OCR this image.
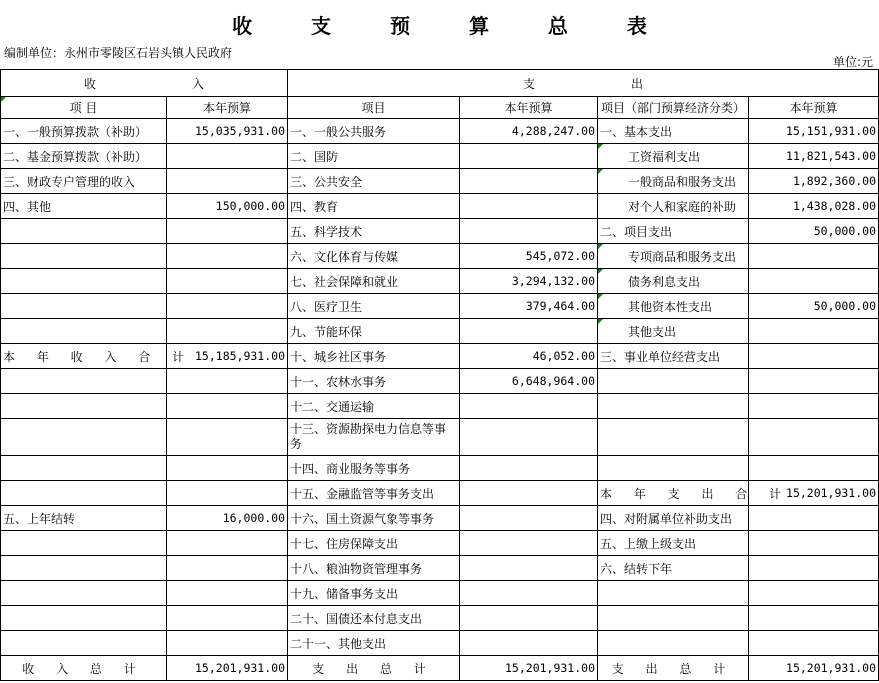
收 支 预 算 总 表
编制单位：永州市零陵区石岩头镇人民政府
单位:元
收　　　　　　　　入		支　　　　　　　　出			
项 目	本年预算	项目	本年预算	项目（部门预算经济分类）	本年预算
一、一般预算拨款（补助）	15,035,931.00	一、一般公共服务	4,288,247.00	一、基本支出	15,151,931.00
二、基金预算拨款（补助）		二、国防		工资福利支出	11,821,543.00
三、财政专户管理的收入		三、公共安全		一般商品和服务支出	1,892,360.00
四、其他	150,000.00	四、教育		对个人和家庭的补助	1,438,028.00
		五、科学技术		二、项目支出	50,000.00
		六、文化体育与传媒	545,072.00	专项商品和服务支出	
		七、社会保障和就业	3,294,132.00	债务利息支出	
		八、医疗卫生	379,464.00	其他资本性支出	50,000.00
		九、节能环保		其他支出	
本 年 收 入 合 计	15,185,931.00	十、城乡社区事务	46,052.00	三、事业单位经营支出	
		十一、农林水事务	6,648,964.00		
		十二、交通运输			
		十三、资源勘探电力信息等事务			
		十四、商业服务等事务			
		十五、金融监管等事务支出		本 年 支 出 合 计	15,201,931.00
五、上年结转	16,000.00	十六、国土资源气象等事务		四、对附属单位补助支出	
		十七、住房保障支出		五、上缴上级支出	
		十八、粮油物资管理事务		六、结转下年	
		十九、储备事务支出			
		二十、国债还本付息支出			
		二十一、其他支出			
收 入 总 计	15,201,931.00	支 出 总 计	15,201,931.00	支 出 总 计	15,201,931.00
